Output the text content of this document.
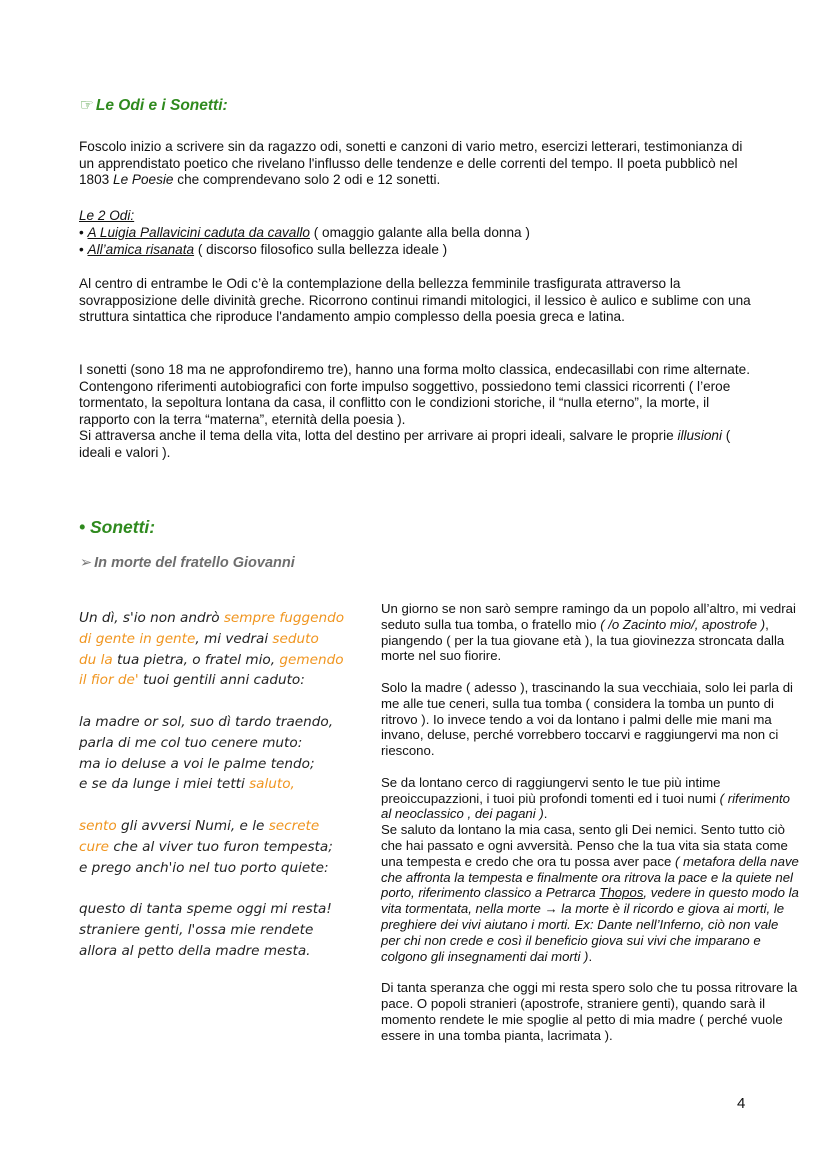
☞ Le Odi e i Sonetti:
Foscolo inizio a scrivere sin da ragazzo odi, sonetti e canzoni di vario metro, esercizi letterari, testimonianza di un apprendistato poetico che rivelano l'influsso delle tendenze e delle correnti del tempo. Il poeta pubblicò nel 1803 Le Poesie che comprendevano solo 2 odi e 12 sonetti.
Le 2 Odi:
• A Luigia Pallavicini caduta da cavallo ( omaggio galante alla bella donna )
• All’amica risanata ( discorso filosofico sulla bellezza ideale )
Al centro di entrambe le Odi c’è la contemplazione della bellezza femminile trasfigurata attraverso la sovrapposizione delle divinità greche. Ricorrono continui rimandi mitologici, il lessico è aulico e sublime con una struttura sintattica che riproduce l'andamento ampio complesso della poesia greca e latina.
I sonetti (sono 18 ma ne approfondiremo tre), hanno una forma molto classica, endecasillabi con rime alternate.
Contengono riferimenti autobiografici con forte impulso soggettivo, possiedono temi classici ricorrenti ( l’eroe tormentato, la sepoltura lontana da casa, il conflitto con le condizioni storiche, il “nulla eterno”, la morte, il rapporto con la terra “materna”, eternità della poesia ).
Si attraversa anche il tema della vita, lotta del destino per arrivare ai propri ideali, salvare le proprie illusioni ( ideali e valori ).
• Sonetti:
➢ In morte del fratello Giovanni
Un dì, s'io non andrò sempre fuggendo
di gente in gente, mi vedrai seduto
du la tua pietra, o fratel mio, gemendo
il fior de' tuoi gentili anni caduto:
la madre or sol, suo dì tardo traendo,
parla di me col tuo cenere muto:
ma io deluse a voi le palme tendo;
e se da lunge i miei tetti saluto,
sento gli avversi Numi, e le secrete
cure che al viver tuo furon tempesta;
e prego anch'io nel tuo porto quiete:
questo di tanta speme oggi mi resta!
straniere genti, l'ossa mie rendete
allora al petto della madre mesta.

Un giorno se non sarò sempre ramingo da un popolo all’altro, mi vedrai seduto sulla tua tomba, o fratello mio ( /o Zacinto mio/, apostrofe ), piangendo ( per la tua giovane età ), la tua giovinezza stroncata dalla morte nel suo fiorire.

Solo la madre ( adesso ), trascinando la sua vecchiaia, solo lei parla di me alle tue ceneri, sulla tua tomba ( considera la tomba un punto di ritrovo ). Io invece tendo a voi da lontano i palmi delle mie mani ma invano, deluse, perché vorrebbero toccarvi e raggiungervi ma non ci riescono.

Se da lontano cerco di raggiungervi sento le tue più intime preoiccupazzioni, i tuoi più profondi tomenti ed i tuoi numi ( riferimento al neoclassico , dei pagani ).
Se saluto da lontano la mia casa, sento gli Dei nemici. Sento tutto ciò che hai passato e ogni avversità. Penso che la tua vita sia stata come una tempesta e credo che ora tu possa aver pace ( metafora della nave che affronta la tempesta e finalmente ora ritrova la pace e la quiete nel porto, riferimento classico a Petrarca Thopos, vedere in questo modo la vita tormentata, nella morte → la morte è il ricordo e giova ai morti, le preghiere dei vivi aiutano i morti. Ex: Dante nell’Inferno, ciò non vale per chi non crede e così il beneficio giova sui vivi che imparano e colgono gli insegnamenti dai morti ).

Di tanta speranza che oggi mi resta spero solo che tu possa ritrovare la pace. O popoli stranieri (apostrofe, straniere genti), quando sarà il momento rendete le mie spoglie al petto di mia madre ( perché vuole essere in una tomba pianta, lacrimata ).

4
